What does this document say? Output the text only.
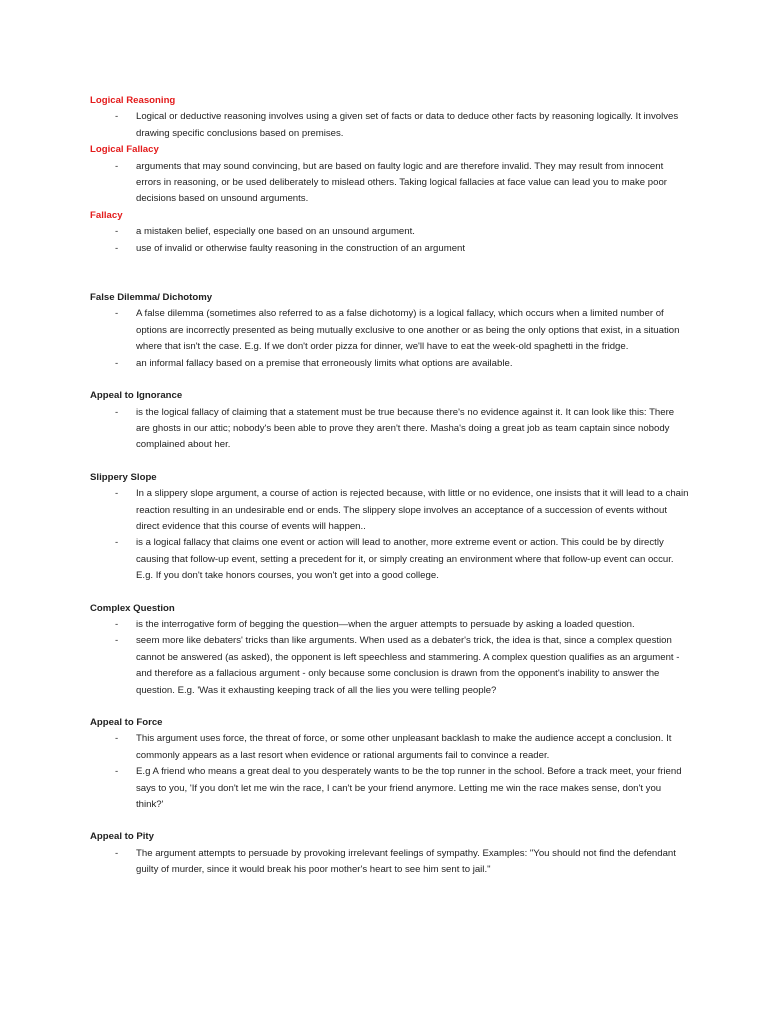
Logical Reasoning

- Logical or deductive reasoning involves using a given set of facts or data to deduce other facts by reasoning logically. It involves drawing specific conclusions based on premises.

Logical Fallacy

- arguments that may sound convincing, but are based on faulty logic and are therefore invalid. They may result from innocent errors in reasoning, or be used deliberately to mislead others. Taking logical fallacies at face value can lead you to make poor decisions based on unsound arguments.

Fallacy

- a mistaken belief, especially one based on an unsound argument.
- use of invalid or otherwise faulty reasoning in the construction of an argument

False Dilemma/ Dichotomy

- A false dilemma (sometimes also referred to as a false dichotomy) is a logical fallacy, which occurs when a limited number of options are incorrectly presented as being mutually exclusive to one another or as being the only options that exist, in a situation where that isn't the case. E.g. If we don't order pizza for dinner, we'll have to eat the week-old spaghetti in the fridge.
- an informal fallacy based on a premise that erroneously limits what options are available.

Appeal to Ignorance

- is the logical fallacy of claiming that a statement must be true because there's no evidence against it. It can look like this: There are ghosts in our attic; nobody's been able to prove they aren't there. Masha's doing a great job as team captain since nobody complained about her.

Slippery Slope

- In a slippery slope argument, a course of action is rejected because, with little or no evidence, one insists that it will lead to a chain reaction resulting in an undesirable end or ends. The slippery slope involves an acceptance of a succession of events without direct evidence that this course of events will happen..
- is a logical fallacy that claims one event or action will lead to another, more extreme event or action. This could be by directly causing that follow-up event, setting a precedent for it, or simply creating an environment where that follow-up event can occur. E.g. If you don't take honors courses, you won't get into a good college.

Complex Question

- is the interrogative form of begging the question—when the arguer attempts to persuade by asking a loaded question.
- seem more like debaters' tricks than like arguments. When used as a debater's trick, the idea is that, since a complex question cannot be answered (as asked), the opponent is left speechless and stammering. A complex question qualifies as an argument - and therefore as a fallacious argument - only because some conclusion is drawn from the opponent's inability to answer the question. E.g. 'Was it exhausting keeping track of all the lies you were telling people?

Appeal to Force

- This argument uses force, the threat of force, or some other unpleasant backlash to make the audience accept a conclusion. It commonly appears as a last resort when evidence or rational arguments fail to convince a reader.
- E.g A friend who means a great deal to you desperately wants to be the top runner in the school. Before a track meet, your friend says to you, 'If you don't let me win the race, I can't be your friend anymore. Letting me win the race makes sense, don't you think?'

Appeal to Pity

- The argument attempts to persuade by provoking irrelevant feelings of sympathy. Examples: "You should not find the defendant guilty of murder, since it would break his poor mother's heart to see him sent to jail."
